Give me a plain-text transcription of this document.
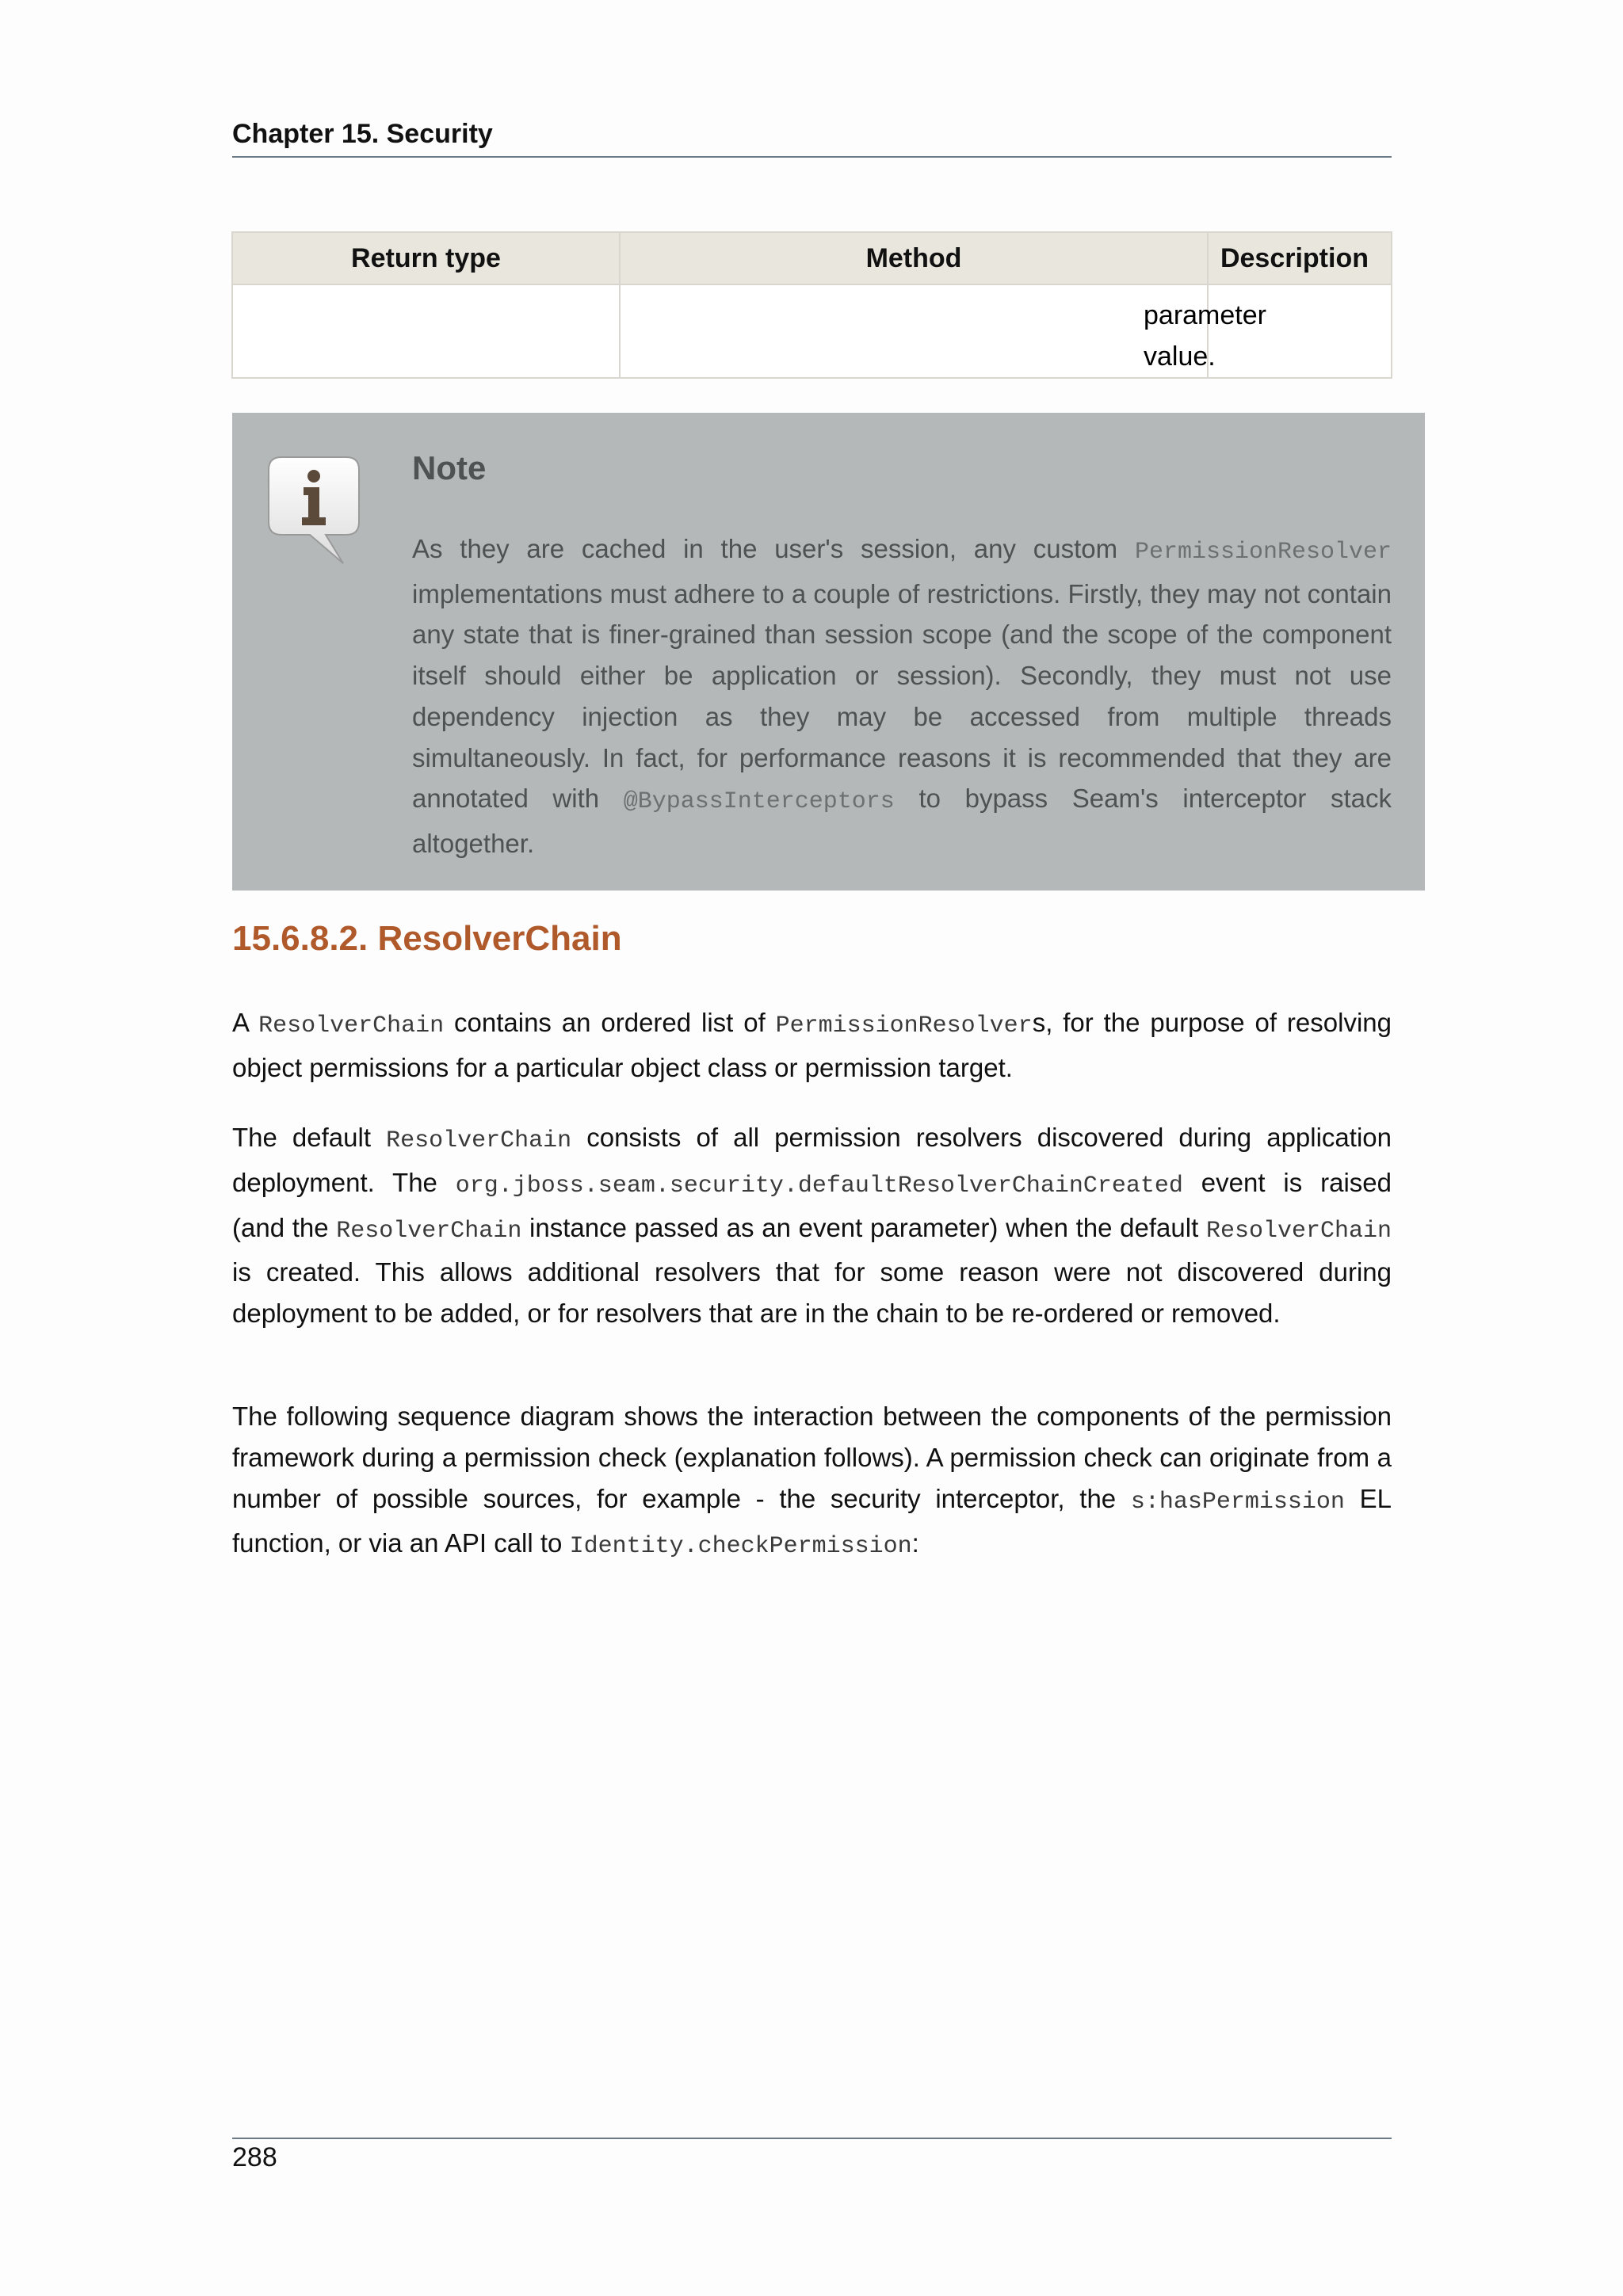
Chapter 15. Security
Return type	Method	Description

		parameter value.
Note
As they are cached in the user's session, any custom PermissionResolver implementations must adhere to a couple of restrictions. Firstly, they may not contain any state that is finer-grained than session scope (and the scope of the component itself should either be application or session). Secondly, they must not use dependency injection as they may be accessed from multiple threads simultaneously. In fact, for performance reasons it is recommended that they are annotated with @BypassInterceptors to bypass Seam's interceptor stack altogether.
15.6.8.2. ResolverChain
A ResolverChain contains an ordered list of PermissionResolvers, for the purpose of resolving object permissions for a particular object class or permission target.
The default ResolverChain consists of all permission resolvers discovered during application deployment. The org.jboss.seam.security.defaultResolverChainCreated event is raised (and the ResolverChain instance passed as an event parameter) when the default ResolverChain is created. This allows additional resolvers that for some reason were not discovered during deployment to be added, or for resolvers that are in the chain to be re-ordered or removed.
The following sequence diagram shows the interaction between the components of the permission framework during a permission check (explanation follows). A permission check can originate from a number of possible sources, for example - the security interceptor, the s:hasPermission EL function, or via an API call to Identity.checkPermission:
288
